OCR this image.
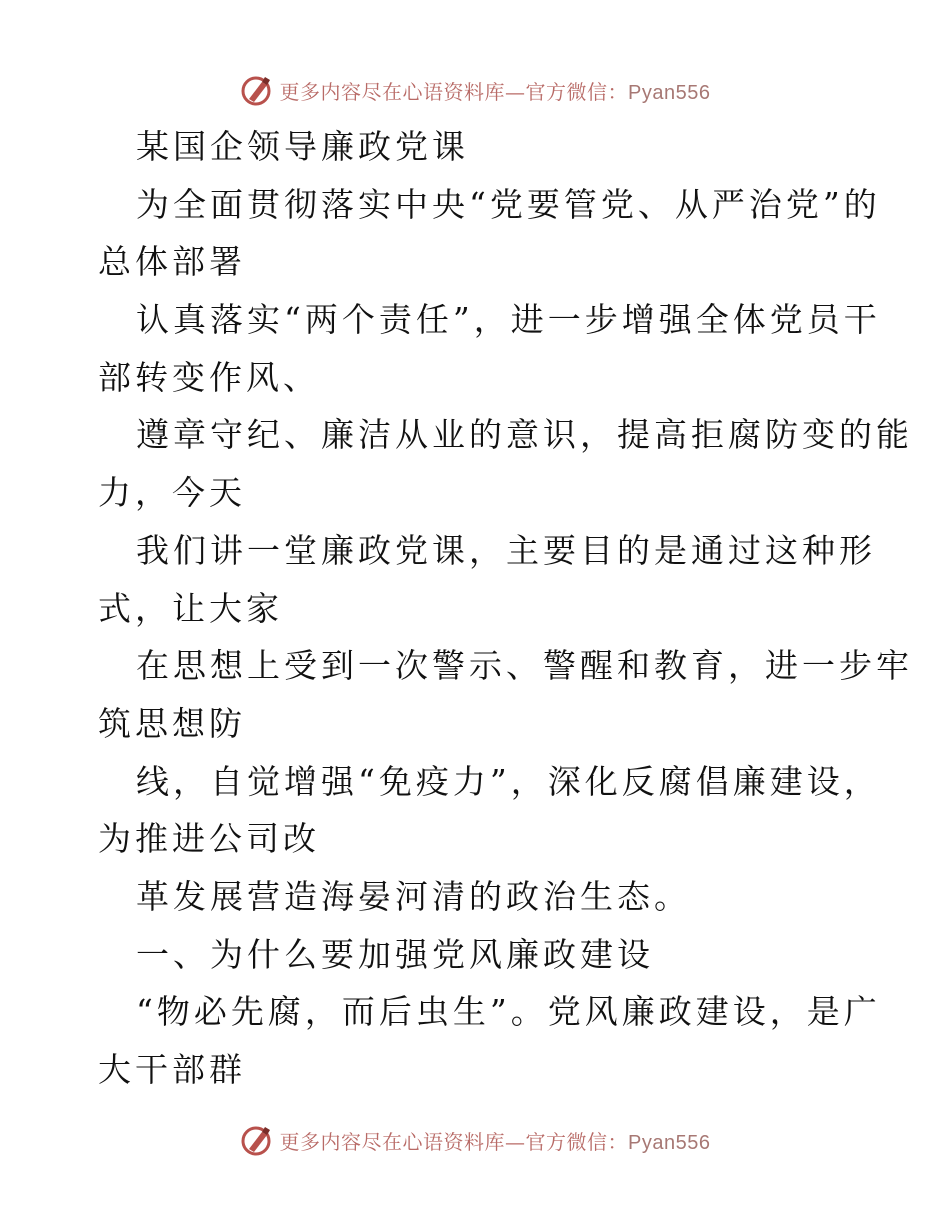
更多内容尽在心语资料库—官方微信：Pyan556
某国企领导廉政党课
为全面贯彻落实中央“党要管党、从严治党”的
总体部署
认真落实“两个责任”，进一步增强全体党员干
部转变作风、
遵章守纪、廉洁从业的意识，提高拒腐防变的能
力，今天
我们讲一堂廉政党课，主要目的是通过这种形
式，让大家
在思想上受到一次警示、警醒和教育，进一步牢
筑思想防
线，自觉增强“免疫力”，深化反腐倡廉建设，
为推进公司改
革发展营造海晏河清的政治生态。
一、为什么要加强党风廉政建设
“物必先腐，而后虫生”。党风廉政建设，是广
大干部群
更多内容尽在心语资料库—官方微信：Pyan556
